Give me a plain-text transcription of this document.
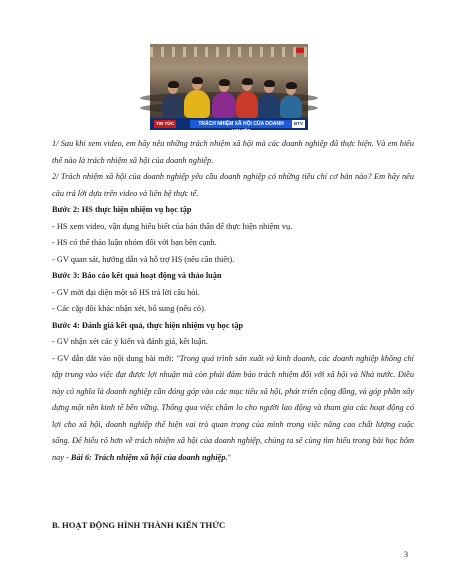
TIN TỨC	TRÁCH NHIỆM XÃ HỘI CỦA DOANH NGHIỆP
BTV

1/ Sau khi xem video, em hãy nêu những trách nhiệm xã hội mà các doanh nghiệp đã thực hiện. Và em hiểu thế nào là trách nhiệm xã hội của doanh nghiệp.

2/ Trách nhiệm xã hội của doanh nghiệp yêu cầu doanh nghiệp có những tiêu chí cơ bản nào? Em hãy nêu câu trả lời dựa trên video và liên hệ thực tế.

Bước 2: HS thực hiện nhiệm vụ học tập

- HS xem video, vận dụng hiểu biết của bản thân để thực hiện nhiệm vụ.

- HS có thể thảo luận nhóm đôi với bạn bên cạnh.

- GV quan sát, hướng dẫn và hỗ trợ HS (nếu cần thiết).

Bước 3: Báo cáo kết quả hoạt động và thảo luận

- GV mời đại diện một số HS trả lời câu hỏi.

- Các cặp đôi khác nhận xét, bổ sung (nếu có).

Bước 4: Đánh giá kết quả, thực hiện nhiệm vụ học tập

- GV nhận xét các ý kiến và đánh giá, kết luận.

- GV dẫn dắt vào nội dung bài mới: "Trong quá trình sản xuất và kinh doanh, các doanh nghiệp không chỉ tập trung vào việc đạt được lợi nhuận mà còn phải đảm bảo trách nhiệm đối với xã hội và Nhà nước. Điều này có nghĩa là doanh nghiệp cần đóng góp vào các mục tiêu xã hội, phát triển cộng đồng, và góp phần xây dựng một nền kinh tế bền vững. Thông qua việc chăm lo cho người lao động và tham gia các hoạt động có lợi cho xã hội, doanh nghiệp thể hiện vai trò quan trọng của mình trong việc nâng cao chất lượng cuộc sống. Để hiểu rõ hơn về trách nhiệm xã hội của doanh nghiệp, chúng ta sẽ cùng tìm hiểu trong bài học hôm nay - Bài 6: Trách nhiệm xã hội của doanh nghiệp."

B. HOẠT ĐỘNG HÌNH THÀNH KIẾN THỨC
3
